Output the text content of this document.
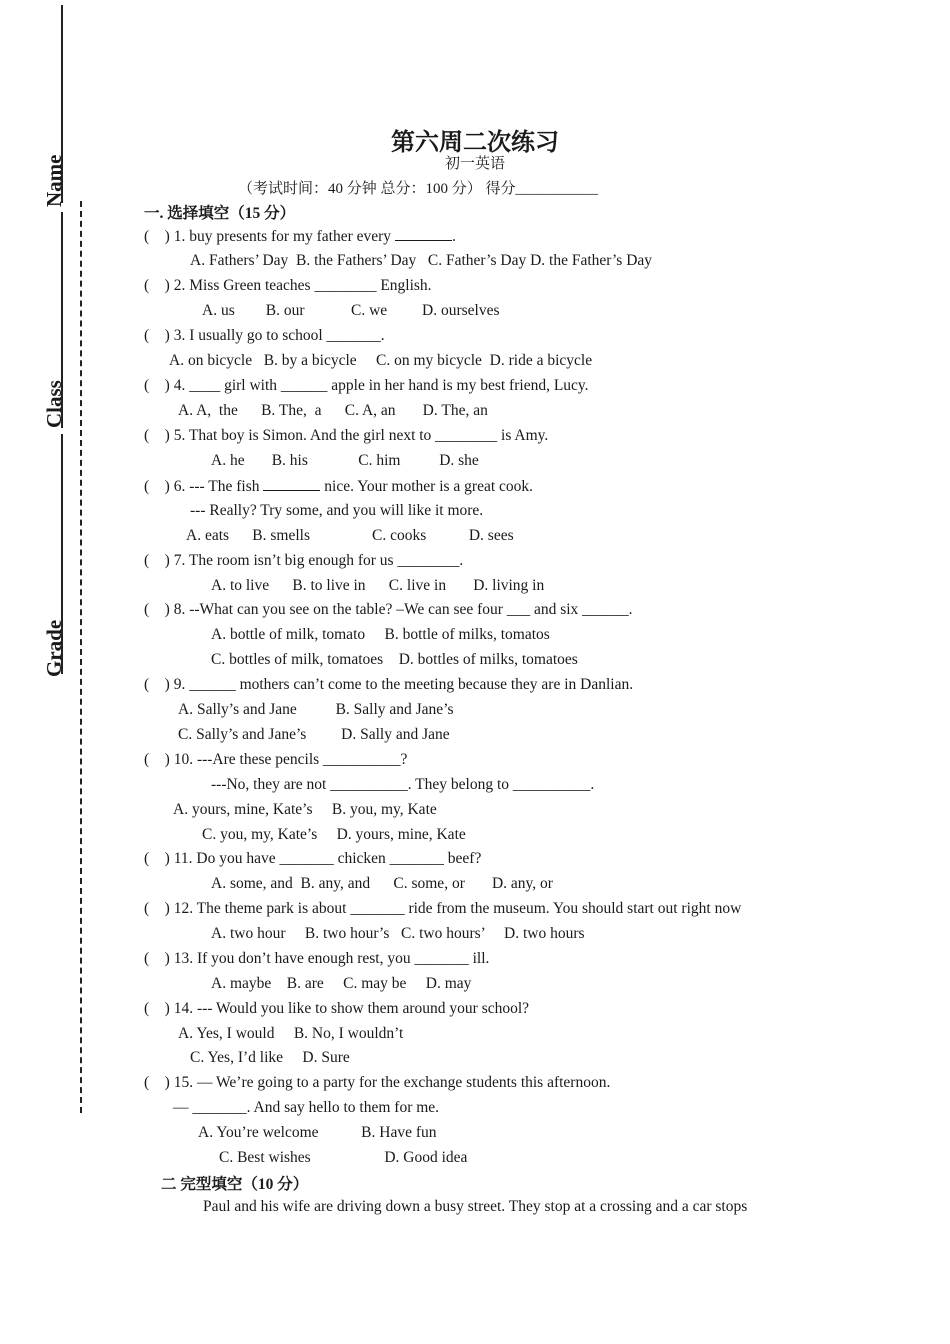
Name
Class
Grade
第六周二次练习
初一英语
（考试时间：40 分钟 总分：100 分） 得分___________
一. 选择填空（15 分）
(    ) 1. buy presents for my father every	.
A. Fathers’ Day  B. the Fathers’ Day   C. Father’s Day D. the Father’s Day
(    ) 2. Miss Green teaches ________ English.
A. us        B. our            C. we         D. ourselves
(    ) 3. I usually go to school _______.
A. on bicycle   B. by a bicycle     C. on my bicycle  D. ride a bicycle
(    ) 4. ____ girl with ______ apple in her hand is my best friend, Lucy.
A. A,  the      B. The,  a      C. A, an       D. The, an
(    ) 5. That boy is Simon. And the girl next to ________ is Amy.
A. he       B. his             C. him          D. she
(    ) 6. --- The fish	nice. Your mother is a great cook.
--- Really? Try some, and you will like it more.
A. eats      B. smells                C. cooks           D. sees
(    ) 7. The room isn’t big enough for us ________.
A. to live      B. to live in      C. live in       D. living in
(    ) 8. --What can you see on the table? –We can see four ___ and six ______.
A. bottle of milk, tomato     B. bottle of milks, tomatos
C. bottles of milk, tomatoes    D. bottles of milks, tomatoes
(    ) 9. ______ mothers can’t come to the meeting because they are in Danlian.
A. Sally’s and Jane          B. Sally and Jane’s
C. Sally’s and Jane’s         D. Sally and Jane
(    ) 10. ---Are these pencils __________?
---No, they are not __________. They belong to __________.
A. yours, mine, Kate’s     B. you, my, Kate
C. you, my, Kate’s     D. yours, mine, Kate
(    ) 11. Do you have _______ chicken _______ beef?
A. some, and  B. any, and      C. some, or       D. any, or
(    ) 12. The theme park is about _______ ride from the museum. You should start out right now
A. two hour     B. two hour’s   C. two hours’     D. two hours
(    ) 13. If you don’t have enough rest, you _______ ill.
A. maybe    B. are     C. may be     D. may
(    ) 14. --- Would you like to show them around your school?
A. Yes, I would     B. No, I wouldn’t
C. Yes, I’d like     D. Sure
(    ) 15. — We’re going to a party for the exchange students this afternoon.
— _______. And say hello to them for me.
A. You’re welcome           B. Have fun
C. Best wishes                   D. Good idea
二 完型填空（10 分）
Paul and his wife are driving down a busy street. They stop at a crossing and a car stops
